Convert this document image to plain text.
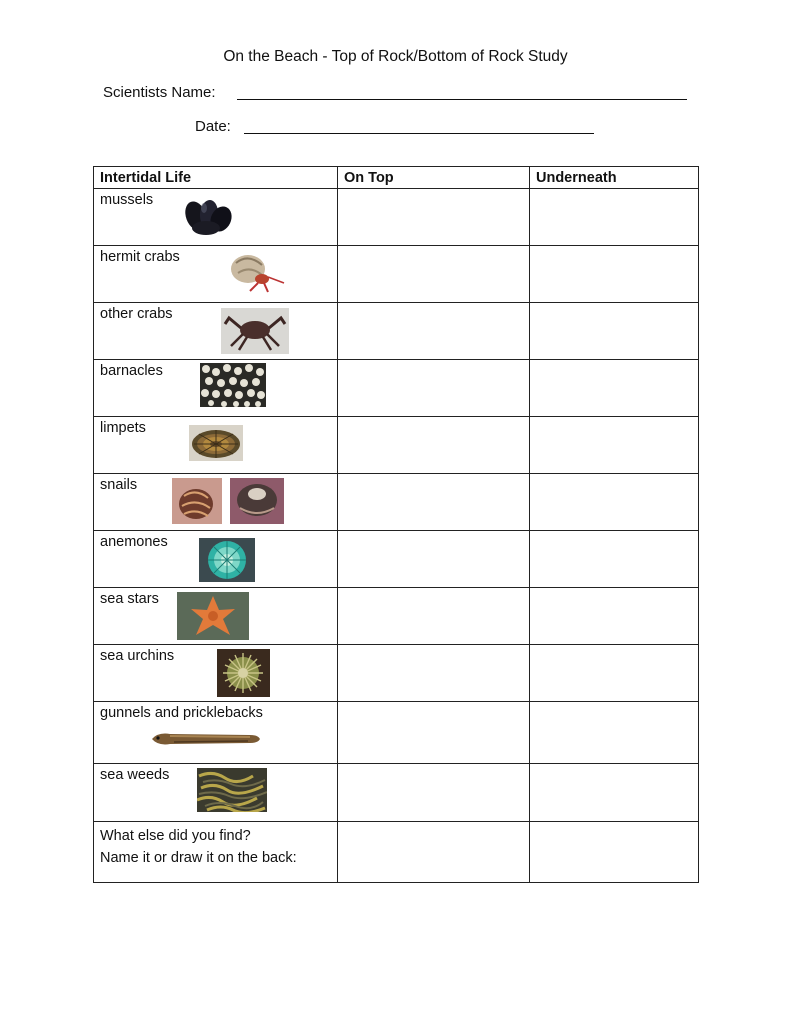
On the Beach - Top of Rock/Bottom of Rock Study
Scientists Name:
Date:
Intertidal Life	On Top	Underneath

mussels		

hermit crabs		

other crabs		

barnacles		

limpets		

snails		

anemones		

sea stars		

sea urchins		

gunnels and pricklebacks		

sea weeds		

What else did you find?
Name it or draw it on the back:		
